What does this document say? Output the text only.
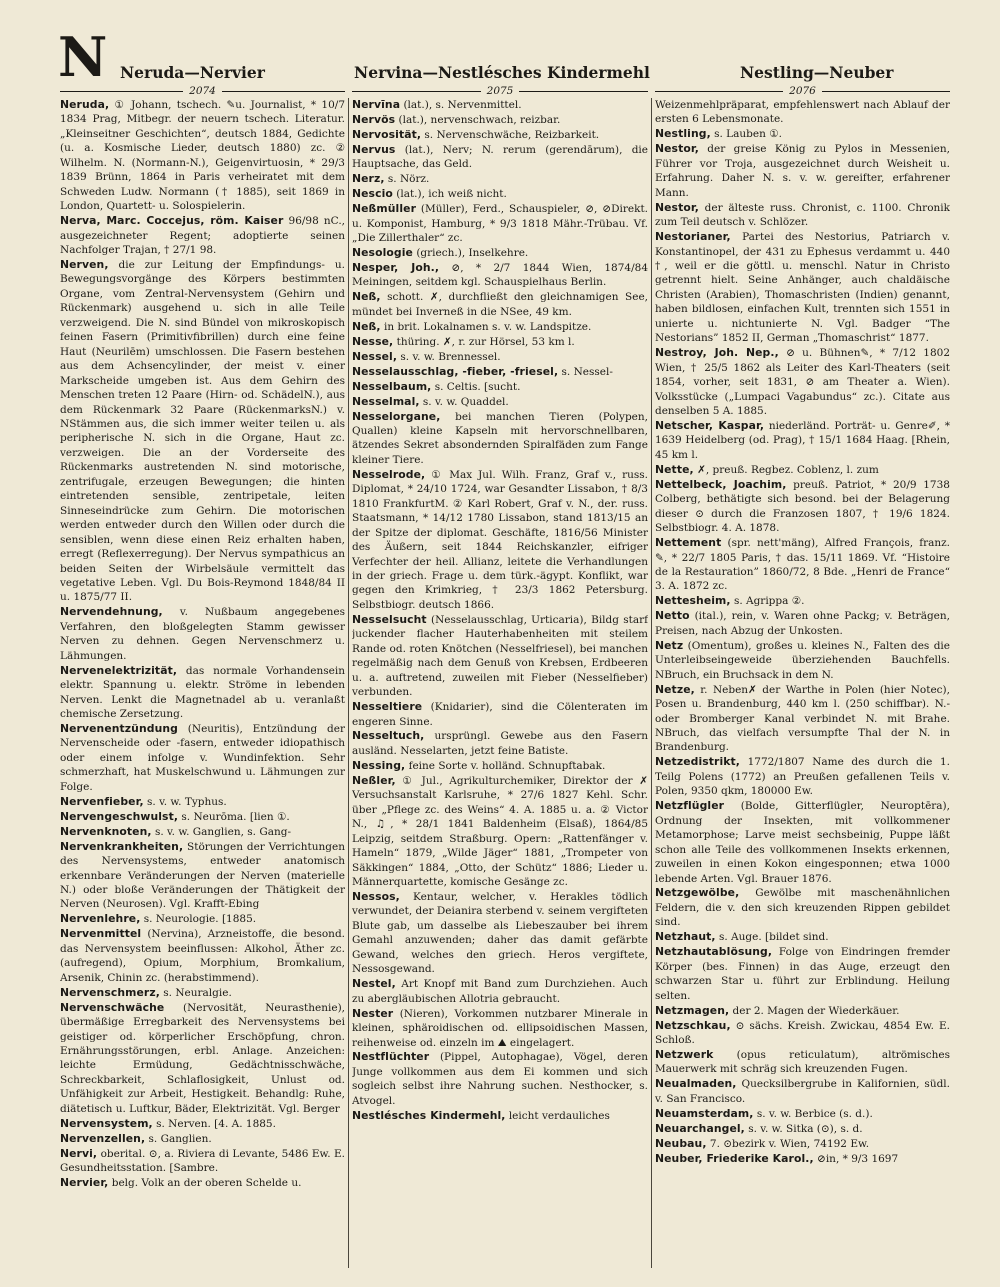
N Neruda—Nervier	Nervina—Nestlésches Kindermehl	Nestling—Neuber
2074	2075	2076

Neruda, ① Johann, tschech. ✎u. Journalist, * 10/7 1834 Prag, Mitbegr. der neuern tschech. Literatur. „Kleinseitner Geschichten“, deutsch 1884, Gedichte (u. a. Kosmische Lieder, deutsch 1880) zc. ② Wilhelm. N. (Normann-N.), Geigenvirtuosin, * 29/3 1839 Brünn, 1864 in Paris verheiratet mit dem Schweden Ludw. Normann († 1885), seit 1869 in London, Quartett- u. Solospielerin.

Nerva, Marc. Coccejus, röm. Kaiser 96/98 nC., ausgezeichneter Regent; adoptierte seinen Nachfolger Trajan, † 27/1 98.

Nerven, die zur Leitung der Empfindungs- u. Bewegungsvorgänge des Körpers bestimmten Organe, vom Zentral-Nervensystem (Gehirn und Rückenmark) ausgehend u. sich in alle Teile verzweigend. Die N. sind Bündel von mikroskopisch feinen Fasern (Primitivfibrillen) durch eine feine Haut (Neurilēm) umschlossen. Die Fasern bestehen aus dem Achsencylinder, der meist v. einer Markscheide umgeben ist. Aus dem Gehirn des Menschen treten 12 Paare (Hirn- od. SchädelN.), aus dem Rückenmark 32 Paare (RückenmarksN.) v. NStämmen aus, die sich immer weiter teilen u. als peripherische N. sich in die Organe, Haut zc. verzweigen. Die an der Vorderseite des Rückenmarks austretenden N. sind motorische, zentrifugale, erzeugen Bewegungen; die hinten eintretenden sensible, zentripetale, leiten Sinneseindrücke zum Gehirn. Die motorischen werden entweder durch den Willen oder durch die sensiblen, wenn diese einen Reiz erhalten haben, erregt (Reflexerregung). Der Nervus sympathicus an beiden Seiten der Wirbelsäule vermittelt das vegetative Leben. Vgl. Du Bois-Reymond 1848/84 II u. 1875/77 II.

Nervendehnung, v. Nußbaum angegebenes Verfahren, den bloßgelegten Stamm gewisser Nerven zu dehnen. Gegen Nervenschmerz u. Lähmungen.

Nervenelektrizität, das normale Vorhandensein elektr. Spannung u. elektr. Ströme in lebenden Nerven. Lenkt die Magnetnadel ab u. veranlaßt chemische Zersetzung.

Nervenentzündung (Neuritis), Entzündung der Nervenscheide oder -fasern, entweder idiopathisch oder einem infolge v. Wundinfektion. Sehr schmerzhaft, hat Muskelschwund u. Lähmungen zur Folge.

Nervenfieber, s. v. w. Typhus.

Nervengeschwulst, s. Neurōma. [lien ①.

Nervenknoten, s. v. w. Ganglien, s. Gang-

Nervenkrankheiten, Störungen der Verrichtungen des Nervensystems, entweder anatomisch erkennbare Veränderungen der Nerven (materielle N.) oder bloße Veränderungen der Thätigkeit der Nerven (Neurosen). Vgl. Krafft-Ebing

Nervenlehre, s. Neurologie. [1885.

Nervenmittel (Nervina), Arzneistoffe, die besond. das Nervensystem beeinflussen: Alkohol, Äther zc. (aufregend), Opium, Morphium, Bromkalium, Arsenik, Chinin zc. (herabstimmend).

Nervenschmerz, s. Neuralgie.

Nervenschwäche (Nervosität, Neurasthenie), übermäßige Erregbarkeit des Nervensystems bei geistiger od. körperlicher Erschöpfung, chron. Ernährungsstörungen, erbl. Anlage. Anzeichen: leichte Ermüdung, Gedächtnisschwäche, Schreckbarkeit, Schlaflosigkeit, Unlust od. Unfähigkeit zur Arbeit, Hestigkeit. Behandlg: Ruhe, diätetisch u. Luftkur, Bäder, Elektrizität. Vgl. Berger

Nervensystem, s. Nerven. [4. A. 1885.

Nervenzellen, s. Ganglien.

Nervi, oberital. ⊙, a. Riviera di Levante, 5486 Ew. E. Gesundheitsstation. [Sambre.

Nervier, belg. Volk an der oberen Schelde u.

Nervīna (lat.), s. Nervenmittel.

Nervös (lat.), nervenschwach, reizbar.

Nervosität, s. Nervenschwäche, Reizbarkeit.

Nervus (lat.), Nerv; N. rerum (gerendārum), die Hauptsache, das Geld.

Nerz, s. Nörz.

Nescio (lat.), ich weiß nicht.

Neßmüller (Müller), Ferd., Schauspieler, ⊘, ⊘Direkt. u. Komponist, Hamburg, * 9/3 1818 Mähr.-Trübau. Vf. „Die Zillerthaler“ zc.

Nesologie (griech.), Inselkehre.

Nesper, Joh., ⊘, * 2/7 1844 Wien, 1874/84 Meiningen, seitdem kgl. Schauspielhaus Berlin.

Neß, schott. ✗, durchfließt den gleichnamigen See, mündet bei Inverneß in die NSee, 49 km.

Neß, in brit. Lokalnamen s. v. w. Landspitze.

Nesse, thüring. ✗, r. zur Hörsel, 53 km l.

Nessel, s. v. w. Brennessel.

Nesselausschlag, -fieber, -friesel, s. Nessel-

Nesselbaum, s. Celtis. [sucht.

Nesselmal, s. v. w. Quaddel.

Nesselorgane, bei manchen Tieren (Polypen, Quallen) kleine Kapseln mit hervorschnellbaren, ätzendes Sekret absondernden Spiralfäden zum Fange kleiner Tiere.

Nesselrode, ① Max Jul. Wilh. Franz, Graf v., russ. Diplomat, * 24/10 1724, war Gesandter Lissabon, † 8/3 1810 FrankfurtM. ② Karl Robert, Graf v. N., der. russ. Staatsmann, * 14/12 1780 Lissabon, stand 1813/15 an der Spitze der diplomat. Geschäfte, 1816/56 Minister des Äußern, seit 1844 Reichskanzler, eifriger Verfechter der heil. Allianz, leitete die Verhandlungen in der griech. Frage u. dem türk.-ägypt. Konflikt, war gegen den Krimkrieg, † 23/3 1862 Petersburg. Selbstbiogr. deutsch 1866.

Nesselsucht (Nesselausschlag, Urticaria), Bildg starf juckender flacher Hauterhabenheiten mit steilem Rande od. roten Knötchen (Nesselfriesel), bei manchen regelmäßig nach dem Genuß von Krebsen, Erdbeeren u. a. auftretend, zuweilen mit Fieber (Nesselfieber) verbunden.

Nesseltiere (Knidarier), sind die Cölenteraten im engeren Sinne.

Nesseltuch, ursprüngl. Gewebe aus den Fasern ausländ. Nesselarten, jetzt feine Batiste.

Nessing, feine Sorte v. holländ. Schnupftabak.

Neßler, ① Jul., Agrikulturchemiker, Direktor der ✗ Versuchsanstalt Karlsruhe, * 27/6 1827 Kehl. Schr. über „Pflege zc. des Weins“ 4. A. 1885 u. a. ② Victor N., ♫, * 28/1 1841 Baldenheim (Elsaß), 1864/85 Leipzig, seitdem Straßburg. Opern: „Rattenfänger v. Hameln“ 1879, „Wilde Jäger“ 1881, „Trompeter von Säkkingen“ 1884, „Otto, der Schütz“ 1886; Lieder u. Männerquartette, komische Gesänge zc.

Nessos, Kentaur, welcher, v. Herakles tödlich verwundet, der Deianira sterbend v. seinem vergifteten Blute gab, um dasselbe als Liebeszauber bei ihrem Gemahl anzuwenden; daher das damit gefärbte Gewand, welches den griech. Heros vergiftete, Nessosgewand.

Nestel, Art Knopf mit Band zum Durchziehen. Auch zu abergläubischen Allotria gebraucht.

Nester (Nieren), Vorkommen nutzbarer Minerale in kleinen, sphäroidischen od. ellipsoidischen Massen, reihenweise od. einzeln im ⛰ eingelagert.

Nestflüchter (Pippel, Autophagae), Vögel, deren Junge vollkommen aus dem Ei kommen und sich sogleich selbst ihre Nahrung suchen. Nesthocker, s. Atvogel.

Nestlésches Kindermehl, leicht verdauliches

Weizenmehlpräparat, empfehlenswert nach Ablauf der ersten 6 Lebensmonate.

Nestling, s. Lauben ①.

Nestor, der greise König zu Pylos in Messenien, Führer vor Troja, ausgezeichnet durch Weisheit u. Erfahrung. Daher N. s. v. w. gereifter, erfahrener Mann.

Nestor, der älteste russ. Chronist, c. 1100. Chronik zum Teil deutsch v. Schlözer.

Nestorianer, Partei des Nestorius, Patriarch v. Konstantinopel, der 431 zu Ephesus verdammt u. 440 †, weil er die göttl. u. menschl. Natur in Christo getrennt hielt. Seine Anhänger, auch chaldäische Christen (Arabien), Thomaschristen (Indien) genannt, haben bildlosen, einfachen Kult, trennten sich 1551 in unierte u. nichtunierte N. Vgl. Badger “The Nestorians” 1852 II, German „Thomaschrist“ 1877.

Nestroy, Joh. Nep., ⊘ u. Bühnen✎, * 7/12 1802 Wien, † 25/5 1862 als Leiter des Karl-Theaters (seit 1854, vorher, seit 1831, ⊘ am Theater a. Wien). Volksstücke („Lumpaci Vagabundus“ zc.). Citate aus denselben 5 A. 1885.

Netscher, Kaspar, niederländ. Porträt- u. Genre✐, * 1639 Heidelberg (od. Prag), † 15/1 1684 Haag. [Rhein, 45 km l.

Nette, ✗, preuß. Regbez. Coblenz, l. zum

Nettelbeck, Joachim, preuß. Patriot, * 20/9 1738 Colberg, bethätigte sich besond. bei der Belagerung dieser ⊙ durch die Franzosen 1807, † 19/6 1824. Selbstbiogr. 4. A. 1878.

Nettement (spr. nett'mäng), Alfred François, franz. ✎, * 22/7 1805 Paris, † das. 15/11 1869. Vf. “Histoire de la Restauration” 1860/72, 8 Bde. „Henri de France“ 3. A. 1872 zc.

Nettesheim, s. Agrippa ②.

Netto (ital.), rein, v. Waren ohne Packg; v. Beträgen, Preisen, nach Abzug der Unkosten.

Netz (Omentum), großes u. kleines N., Falten des die Unterleibseingeweide überziehenden Bauchfells. NBruch, ein Bruchsack in dem N.

Netze, r. Neben✗ der Warthe in Polen (hier Notec), Posen u. Brandenburg, 440 km l. (250 schiffbar). N.- oder Bromberger Kanal verbindet N. mit Brahe. NBruch, das vielfach versumpfte Thal der N. in Brandenburg.

Netzedistrikt, 1772/1807 Name des durch die 1. Teilg Polens (1772) an Preußen gefallenen Teils v. Polen, 9350 qkm, 180000 Ew.

Netzflügler (Bolde, Gitterflügler, Neuroptēra), Ordnung der Insekten, mit vollkommener Metamorphose; Larve meist sechsbeinig, Puppe läßt schon alle Teile des vollkommenen Insekts erkennen, zuweilen in einen Kokon eingesponnen; etwa 1000 lebende Arten. Vgl. Brauer 1876.

Netzgewölbe, Gewölbe mit maschenähnlichen Feldern, die v. den sich kreuzenden Rippen gebildet sind.

Netzhaut, s. Auge. [bildet sind.

Netzhautablösung, Folge von Eindringen fremder Körper (bes. Finnen) in das Auge, erzeugt den schwarzen Star u. führt zur Erblindung. Heilung selten.

Netzmagen, der 2. Magen der Wiederkäuer.

Netzschkau, ⊙ sächs. Kreish. Zwickau, 4854 Ew. E. Schloß.

Netzwerk (opus reticulatum), altrömisches Mauerwerk mit schräg sich kreuzenden Fugen.

Neualmaden, Quecksilbergrube in Kalifornien, südl. v. San Francisco.

Neuamsterdam, s. v. w. Berbice (s. d.).

Neuarchangel, s. v. w. Sitka (⊙), s. d.

Neubau, 7. ⊙bezirk v. Wien, 74192 Ew.

Neuber, Friederike Karol., ⊘in, * 9/3 1697
